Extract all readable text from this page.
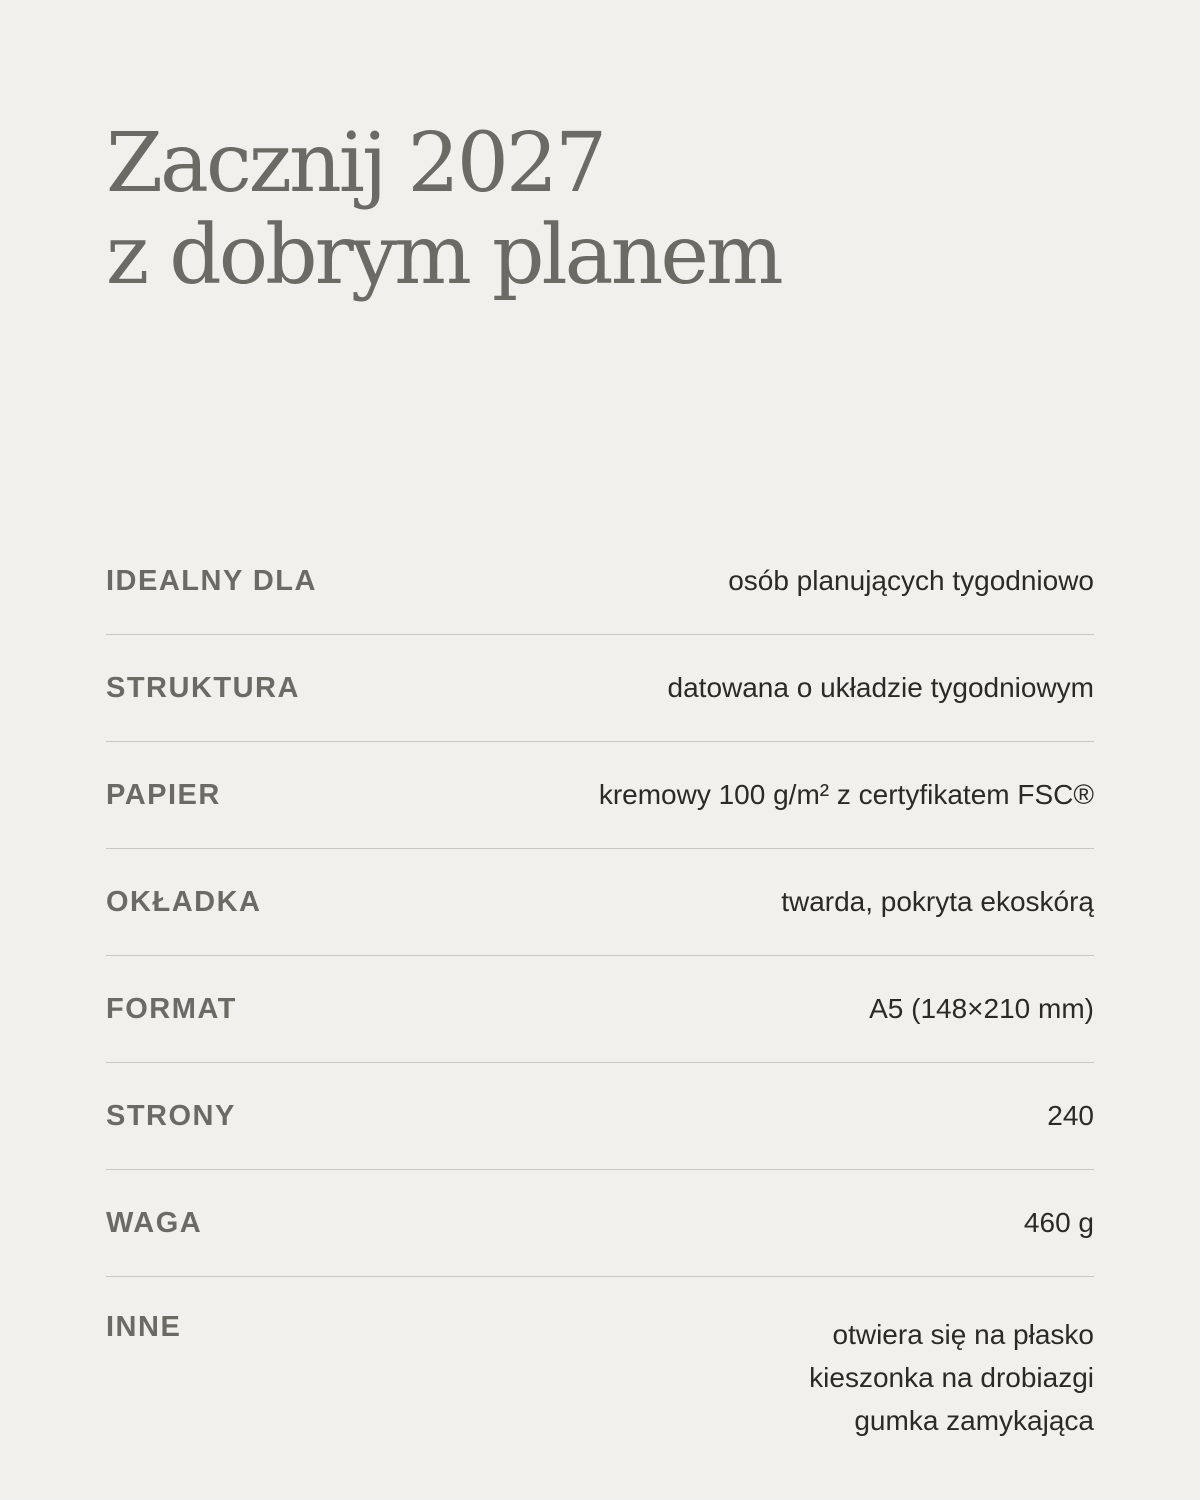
Zacznij 2027
z dobrym planem
IDEALNY DLA	osób planujących tygodniowo
STRUKTURA	datowana o układzie tygodniowym
PAPIER	kremowy 100 g/m² z certyfikatem FSC®
OKŁADKA	twarda, pokryta ekoskórą
FORMAT	A5 (148×210 mm)
STRONY	240
WAGA	460 g
INNE	otwiera się na płasko
kieszonka na drobiazgi
gumka zamykająca
